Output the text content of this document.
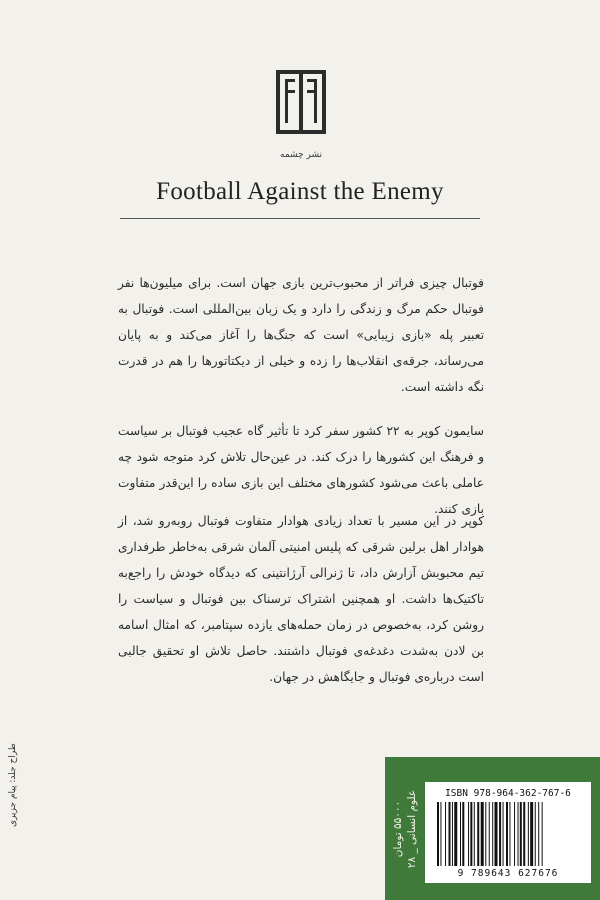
نشر چشمه
Football Against the Enemy
فوتبال چیزی فراتر از محبوب‌ترین بازی جهان است. برای میلیون‌ها نفر فوتبال حکم مرگ و زندگی را دارد و یک زبان بین‌المللی است. فوتبال به تعبیر پله «بازی زیبایی» است که جنگ‌ها را آغاز می‌کند و به پایان می‌رساند، جرقه‌ی انقلاب‌ها را زده و خیلی از دیکتاتورها را هم در قدرت نگه داشته است.
سایمون کوپر به ۲۲ کشور سفر کرد تا تأثیر گاه عجیب فوتبال بر سیاست و فرهنگ این کشورها را درک کند. در عین‌حال تلاش کرد متوجه شود چه عاملی باعث می‌شود کشورهای مختلف این بازی ساده را این‌قدر متفاوت بازی کنند.
کوپر در این مسیر با تعداد زیادی هوادار متفاوت فوتبال روبه‌رو شد، از هوادار اهل برلین شرقی که پلیس امنیتی آلمان شرقی به‌خاطر طرفداری تیم محبوبش آزارش داد، تا ژنرالی آرژانتینی که دیدگاه خودش را راجع‌به تاکتیک‌ها داشت. او همچنین اشتراک ترسناک بین فوتبال و سیاست را روشن کرد، به‌خصوص در زمان حمله‌های یازده سپتامبر، که امثال اسامه بن لادن به‌شدت دغدغه‌ی فوتبال داشتند. حاصل تلاش او تحقیق جالبی است درباره‌ی فوتبال و جایگاهش در جهان.
طراح جلد: پیام جزیری
۵۵۰۰۰ تومان
علوم انسانی _ ۲۸	ISBN 978-964-362-767-6
9 789643 627676
